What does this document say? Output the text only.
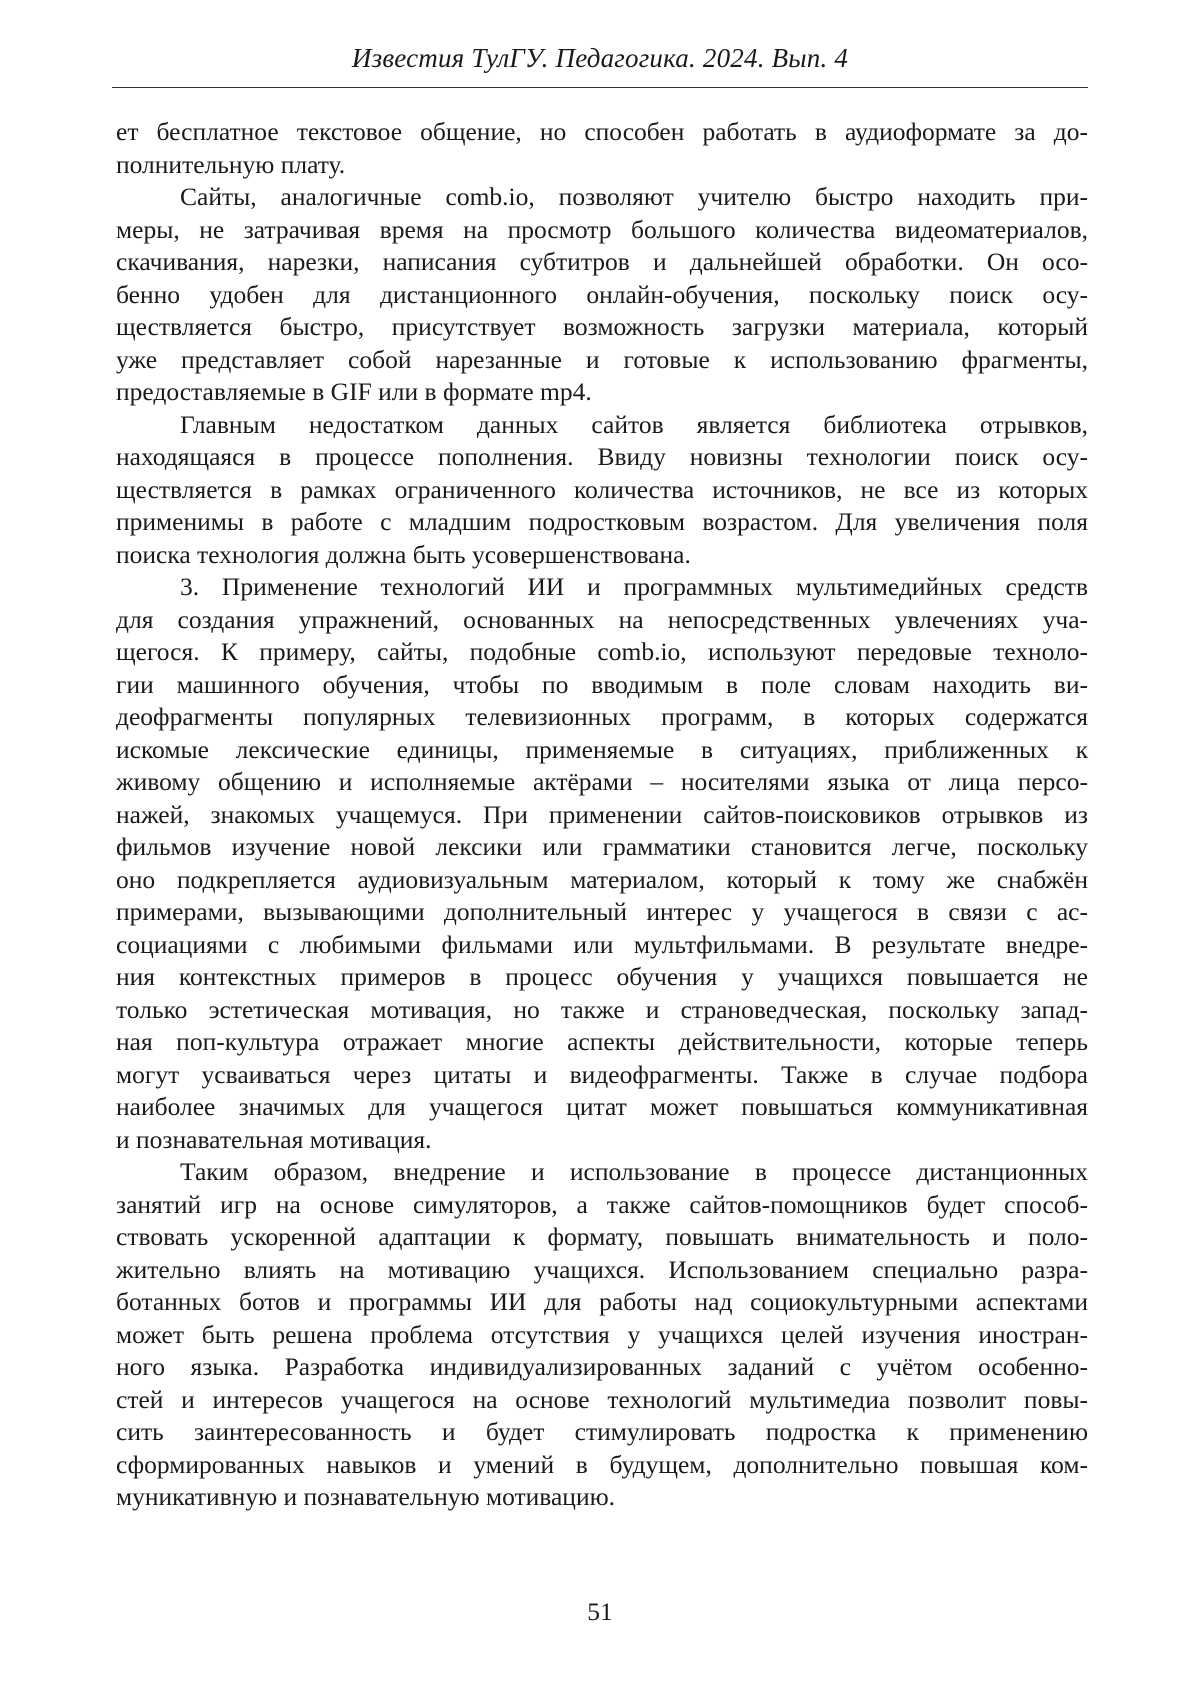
Известия ТулГУ. Педагогика. 2024. Вып. 4
ет бесплатное текстовое общение, но способен работать в аудиоформате за до-
полнительную плату.
Сайты, аналогичные comb.io, позволяют учителю быстро находить при-
меры, не затрачивая время на просмотр большого количества видеоматериалов,
скачивания, нарезки, написания субтитров и дальнейшей обработки. Он осо-
бенно удобен для дистанционного онлайн-обучения, поскольку поиск осу-
ществляется быстро, присутствует возможность загрузки материала, который
уже представляет собой нарезанные и готовые к использованию фрагменты,
предоставляемые в GIF или в формате mp4.
Главным недостатком данных сайтов является библиотека отрывков,
находящаяся в процессе пополнения. Ввиду новизны технологии поиск осу-
ществляется в рамках ограниченного количества источников, не все из которых
применимы в работе с младшим подростковым возрастом. Для увеличения поля
поиска технология должна быть усовершенствована.
3. Применение технологий ИИ и программных мультимедийных средств
для создания упражнений, основанных на непосредственных увлечениях уча-
щегося. К примеру, сайты, подобные comb.io, используют передовые техноло-
гии машинного обучения, чтобы по вводимым в поле словам находить ви-
деофрагменты популярных телевизионных программ, в которых содержатся
искомые лексические единицы, применяемые в ситуациях, приближенных к
живому общению и исполняемые актёрами – носителями языка от лица персо-
нажей, знакомых учащемуся. При применении сайтов-поисковиков отрывков из
фильмов изучение новой лексики или грамматики становится легче, поскольку
оно подкрепляется аудиовизуальным материалом, который к тому же снабжён
примерами, вызывающими дополнительный интерес у учащегося в связи с ас-
социациями с любимыми фильмами или мультфильмами. В результате внедре-
ния контекстных примеров в процесс обучения у учащихся повышается не
только эстетическая мотивация, но также и страноведческая, поскольку запад-
ная поп-культура отражает многие аспекты действительности, которые теперь
могут усваиваться через цитаты и видеофрагменты. Также в случае подбора
наиболее значимых для учащегося цитат может повышаться коммуникативная
и познавательная мотивация.
Таким образом, внедрение и использование в процессе дистанционных
занятий игр на основе симуляторов, а также сайтов-помощников будет способ-
ствовать ускоренной адаптации к формату, повышать внимательность и поло-
жительно влиять на мотивацию учащихся. Использованием специально разра-
ботанных ботов и программы ИИ для работы над социокультурными аспектами
может быть решена проблема отсутствия у учащихся целей изучения иностран-
ного языка. Разработка индивидуализированных заданий с учётом особенно-
стей и интересов учащегося на основе технологий мультимедиа позволит повы-
сить заинтересованность и будет стимулировать подростка к применению
сформированных навыков и умений в будущем, дополнительно повышая ком-
муникативную и познавательную мотивацию.
51
